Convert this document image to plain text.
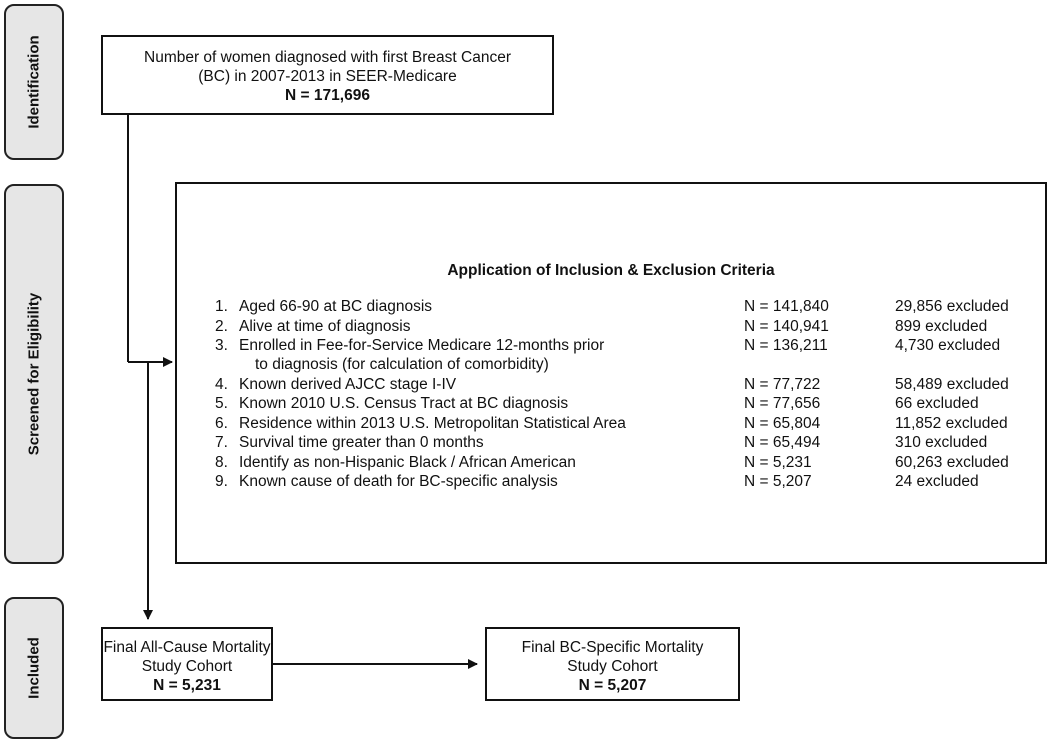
Identification
Screened for Eligibility
Included
Number of women diagnosed with first Breast Cancer
(BC) in 2007-2013 in SEER-Medicare
N = 171,696
Application of Inclusion & Exclusion Criteria
1. Aged 66-90 at BC diagnosis	N = 141,840	29,856 excluded
2. Alive at time of diagnosis	N = 140,941	899 excluded
3. Enrolled in Fee-for-Service Medicare 12-months prior	N = 136,211	4,730 excluded
to diagnosis (for calculation of comorbidity)
4. Known derived AJCC stage I-IV	N = 77,722	58,489 excluded
5. Known 2010 U.S. Census Tract at BC diagnosis	N = 77,656	66 excluded
6. Residence within 2013 U.S. Metropolitan Statistical Area	N = 65,804	11,852 excluded
7. Survival time greater than 0 months	N = 65,494	310 excluded
8. Identify as non-Hispanic Black / African American	N = 5,231	60,263 excluded
9. Known cause of death for BC-specific analysis	N = 5,207	24 excluded
Final All-Cause Mortality
Study Cohort
N = 5,231
Final BC-Specific Mortality
Study Cohort
N = 5,207
